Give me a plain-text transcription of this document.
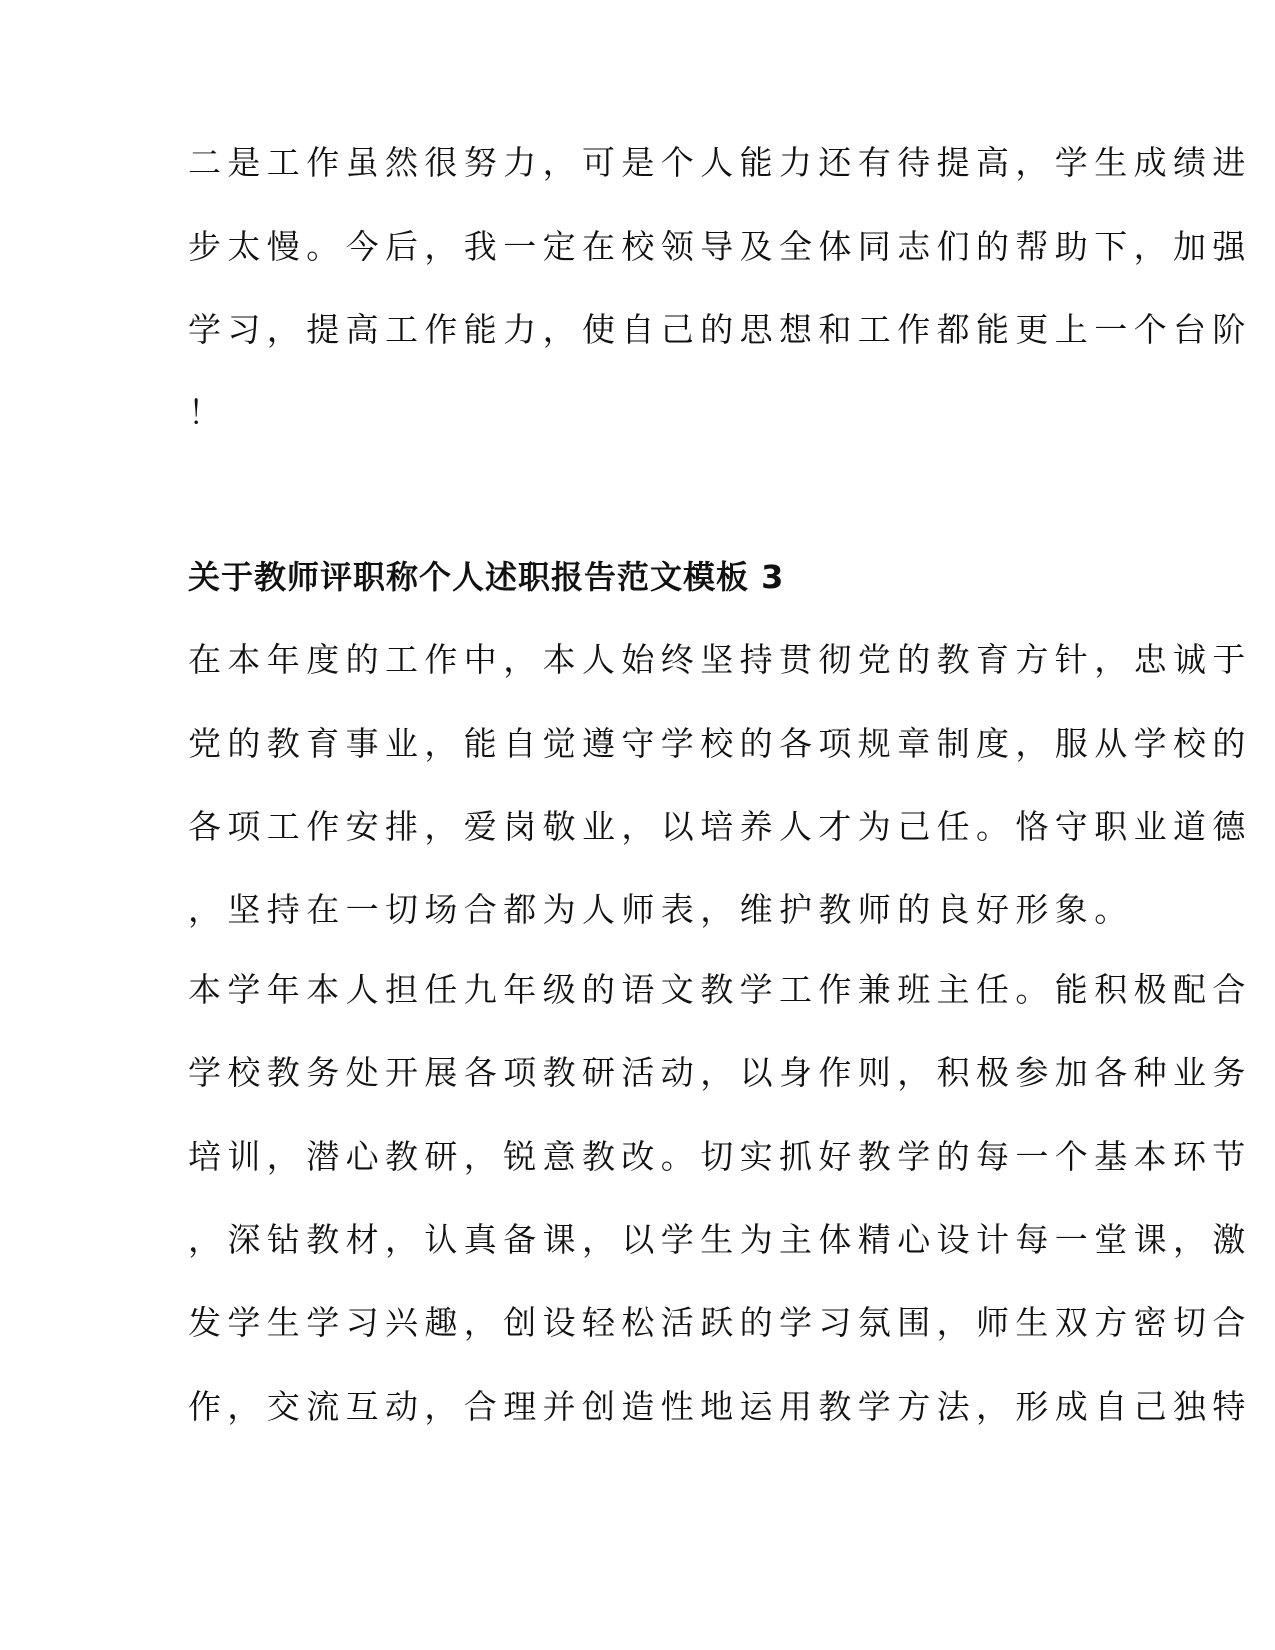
二是工作虽然很努力，可是个人能力还有待提高，学生成绩进
步太慢。今后，我一定在校领导及全体同志们的帮助下，加强
学习，提高工作能力，使自己的思想和工作都能更上一个台阶
！
关于教师评职称个人述职报告范文模板 3
在本年度的工作中，本人始终坚持贯彻党的教育方针，忠诚于
党的教育事业，能自觉遵守学校的各项规章制度，服从学校的
各项工作安排，爱岗敬业，以培养人才为己任。恪守职业道德
，坚持在一切场合都为人师表，维护教师的良好形象。
本学年本人担任九年级的语文教学工作兼班主任。能积极配合
学校教务处开展各项教研活动，以身作则，积极参加各种业务
培训，潜心教研，锐意教改。切实抓好教学的每一个基本环节
，深钻教材，认真备课，以学生为主体精心设计每一堂课，激
发学生学习兴趣，创设轻松活跃的学习氛围，师生双方密切合
作，交流互动，合理并创造性地运用教学方法，形成自己独特
